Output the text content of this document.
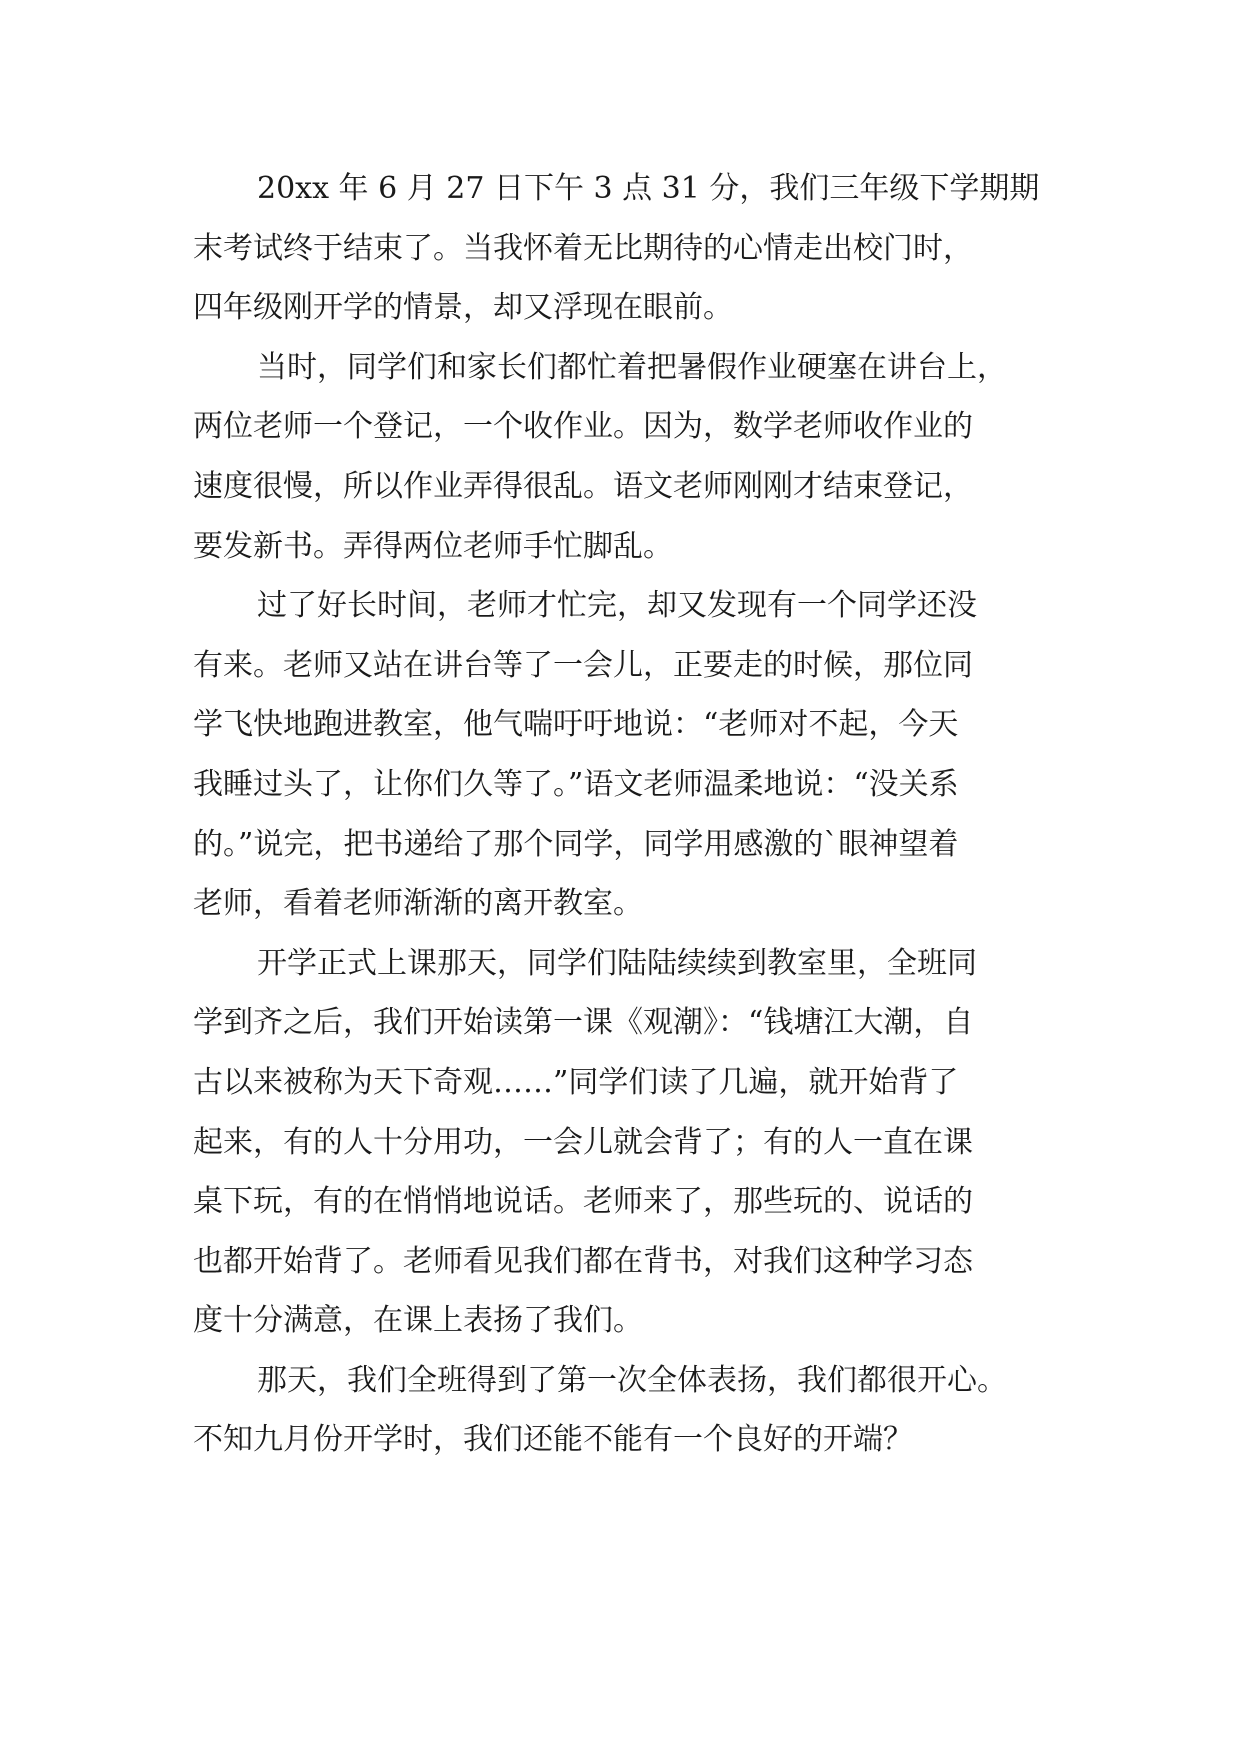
20xx 年 6 月 27 日下午 3 点 31 分，我们三年级下学期期
末考试终于结束了。当我怀着无比期待的心情走出校门时，
四年级刚开学的情景，却又浮现在眼前。

当时，同学们和家长们都忙着把暑假作业硬塞在讲台上，
两位老师一个登记，一个收作业。因为，数学老师收作业的
速度很慢，所以作业弄得很乱。语文老师刚刚才结束登记，
要发新书。弄得两位老师手忙脚乱。

过了好长时间，老师才忙完，却又发现有一个同学还没
有来。老师又站在讲台等了一会儿，正要走的时候，那位同
学飞快地跑进教室，他气喘吁吁地说：“老师对不起，今天
我睡过头了，让你们久等了。”语文老师温柔地说：“没关系
的。”说完，把书递给了那个同学，同学用感激的`眼神望着
老师，看着老师渐渐的离开教室。

开学正式上课那天，同学们陆陆续续到教室里，全班同
学到齐之后，我们开始读第一课《观潮》：“钱塘江大潮，自
古以来被称为天下奇观……”同学们读了几遍，就开始背了
起来，有的人十分用功，一会儿就会背了；有的人一直在课
桌下玩，有的在悄悄地说话。老师来了，那些玩的、说话的
也都开始背了。老师看见我们都在背书，对我们这种学习态
度十分满意，在课上表扬了我们。

那天，我们全班得到了第一次全体表扬，我们都很开心。
不知九月份开学时，我们还能不能有一个良好的开端？
